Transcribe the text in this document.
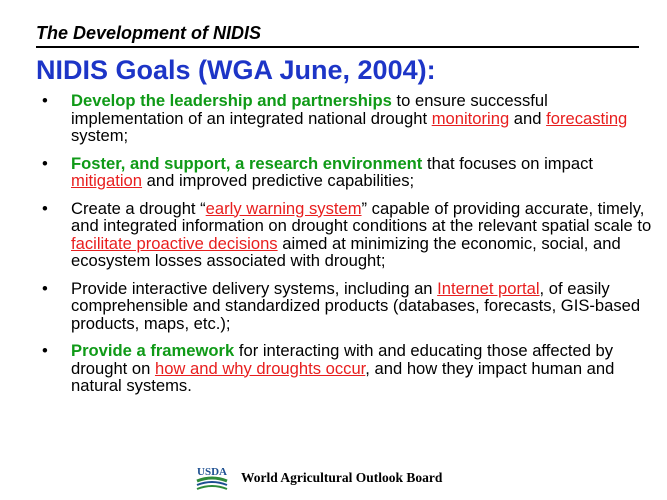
The Development of NIDIS
NIDIS Goals (WGA June, 2004):
• Develop the leadership and partnerships to ensure successful implementation of an integrated national drought monitoring and forecasting system;
• Foster, and support, a research environment that focuses on impact mitigation and improved predictive capabilities;
• Create a drought “early warning system” capable of providing accurate, timely, and integrated information on drought conditions at the relevant spatial scale to facilitate proactive decisions aimed at minimizing the economic, social, and ecosystem losses associated with drought;
• Provide interactive delivery systems, including an Internet portal, of easily comprehensible and standardized products (databases, forecasts, GIS-based products, maps, etc.);
• Provide a framework for interacting with and educating those affected by drought on how and why droughts occur, and how they impact human and natural systems.
USDA World Agricultural Outlook Board
